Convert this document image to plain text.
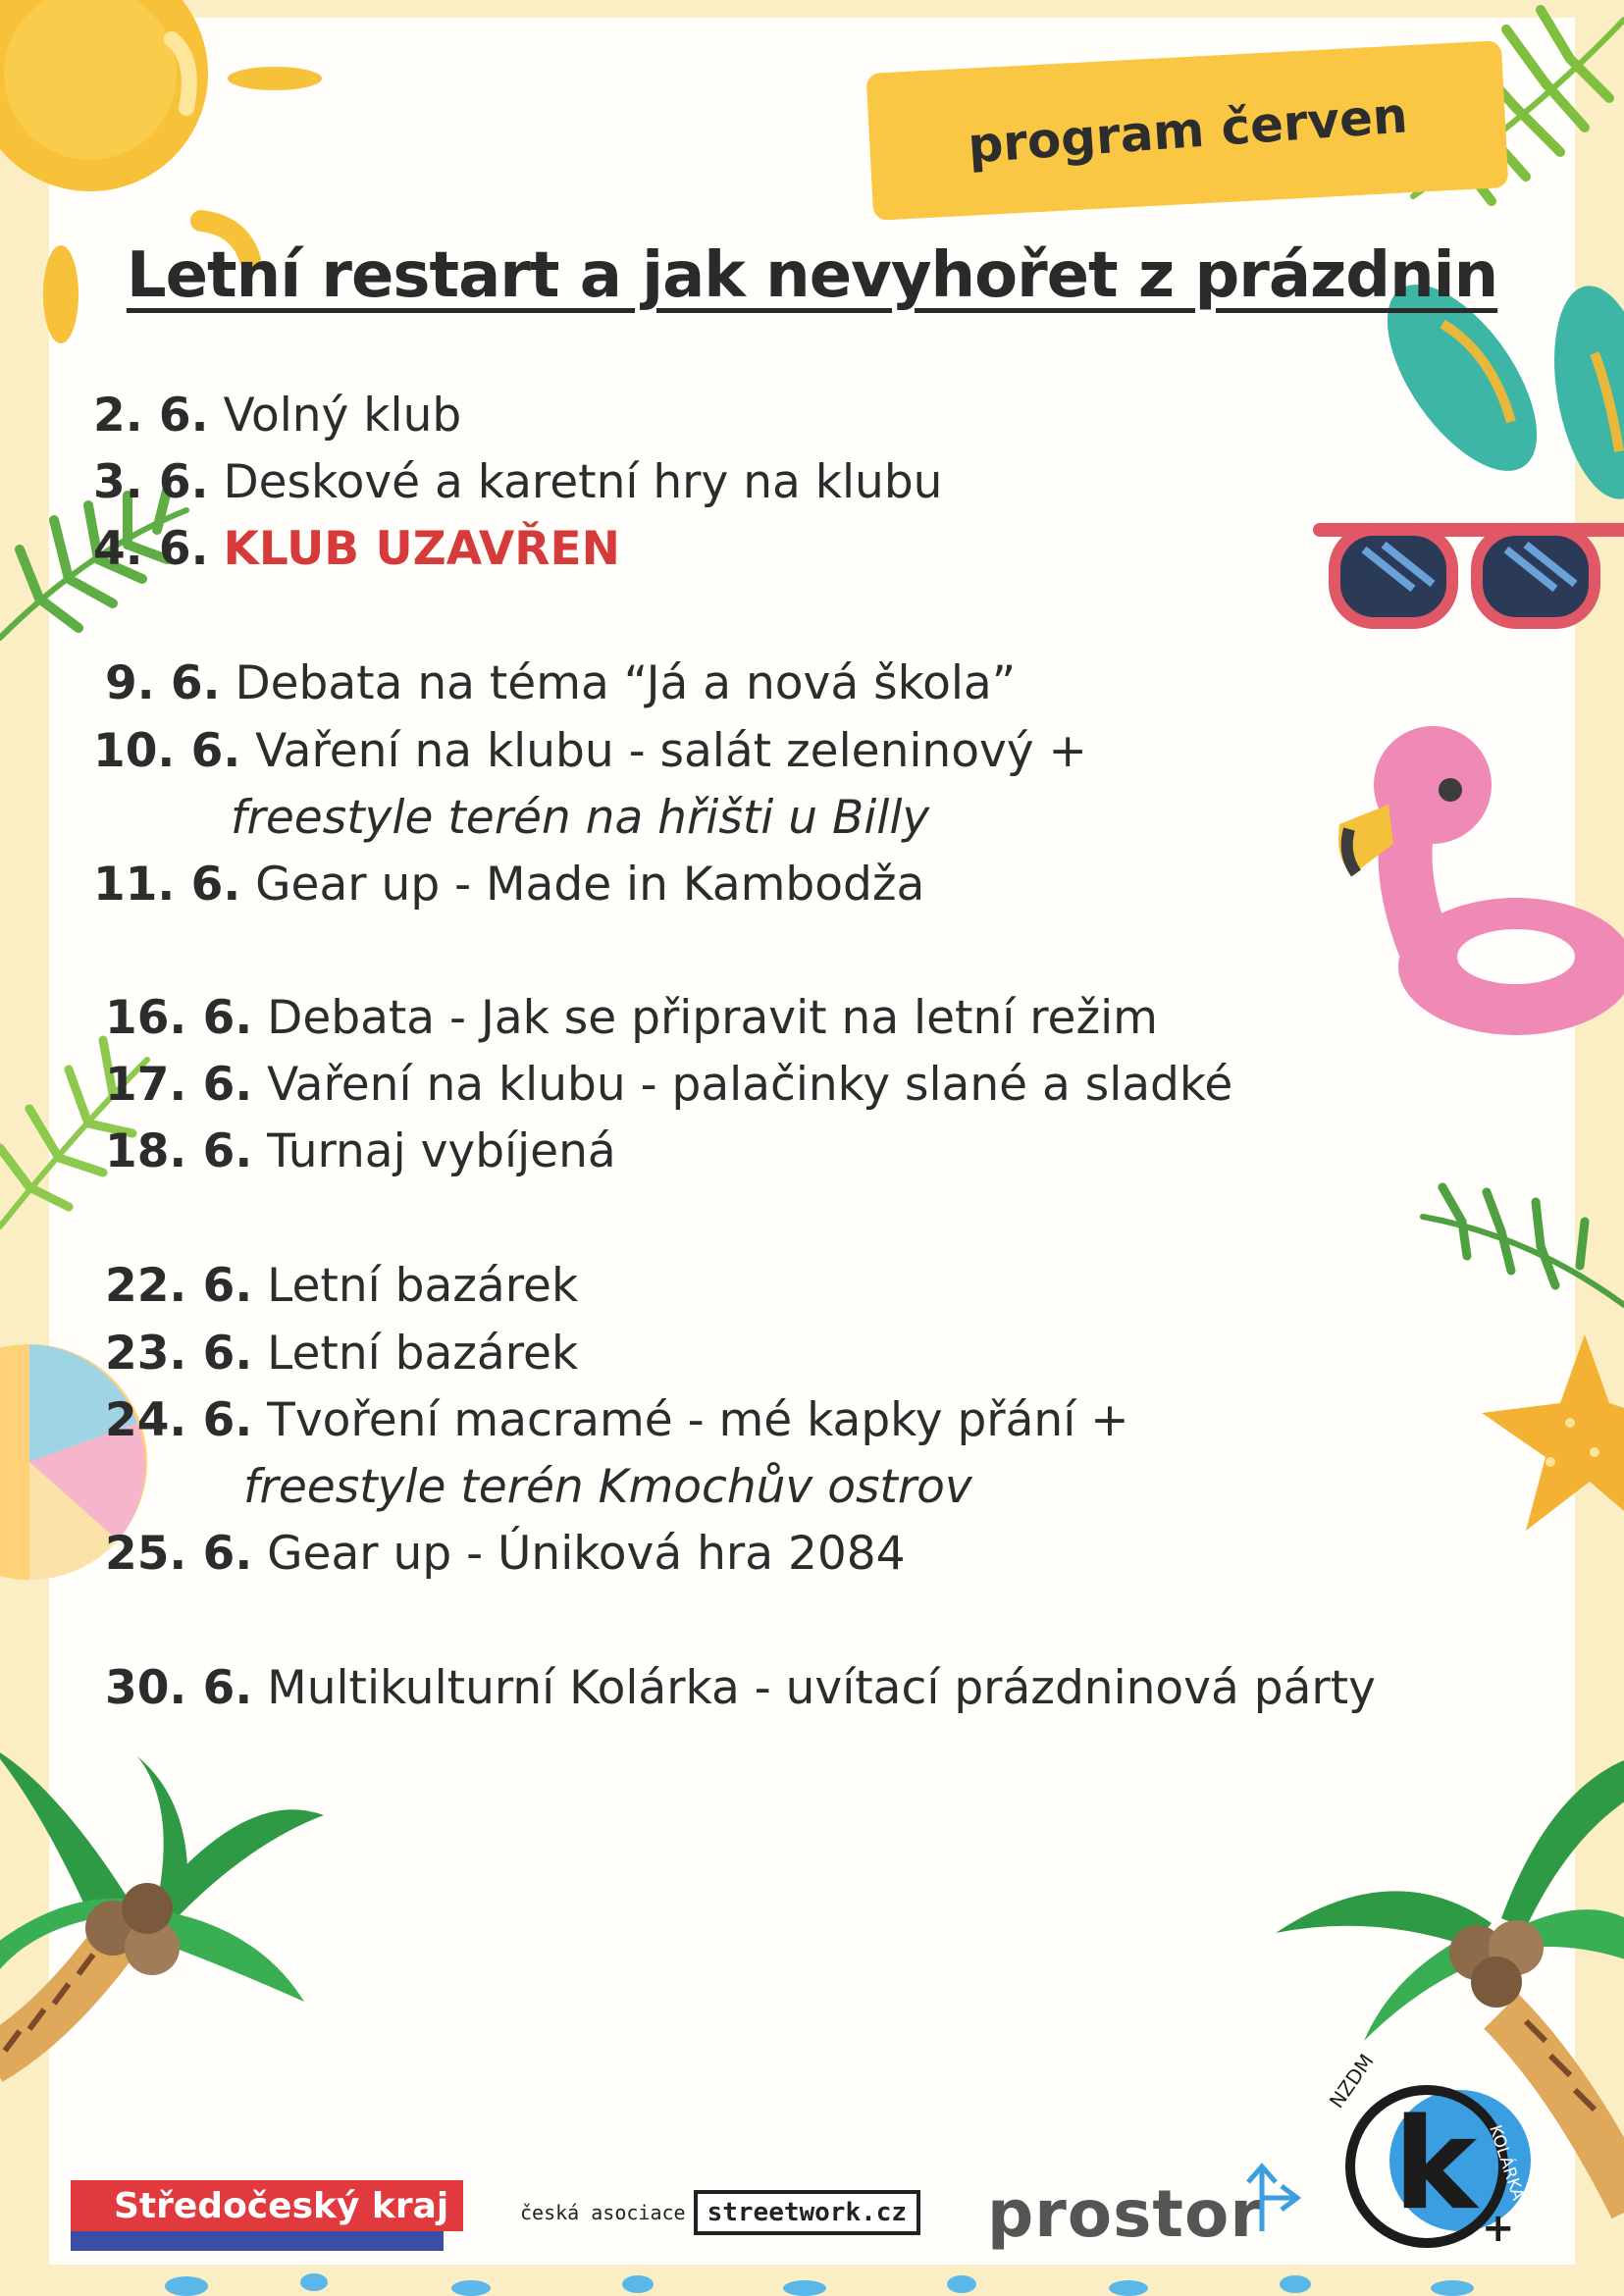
program červen
Letní restart a jak nevyhořet z prázdnin
2. 6. Volný klub
3. 6. Deskové a karetní hry na klubu
4. 6. KLUB UZAVŘEN
9. 6. Debata na téma “Já a nová škola”
10. 6. Vaření na klubu - salát zeleninový +
freestyle terén na hřišti u Billy
11. 6. Gear up - Made in Kambodža
16. 6. Debata - Jak se připravit na letní režim
17. 6. Vaření na klubu - palačinky slané a sladké
18. 6. Turnaj vybíjená
22. 6. Letní bazárek
23. 6. Letní bazárek
24. 6. Tvoření macramé - mé kapky přání +
freestyle terén Kmochův ostrov
25. 6. Gear up - Úniková hra 2084
30. 6. Multikulturní Kolárka - uvítací prázdninová párty
Středočeský kraj	česká asociace streetwork.cz prostor k
NZDM
KOLÁRKA
+
